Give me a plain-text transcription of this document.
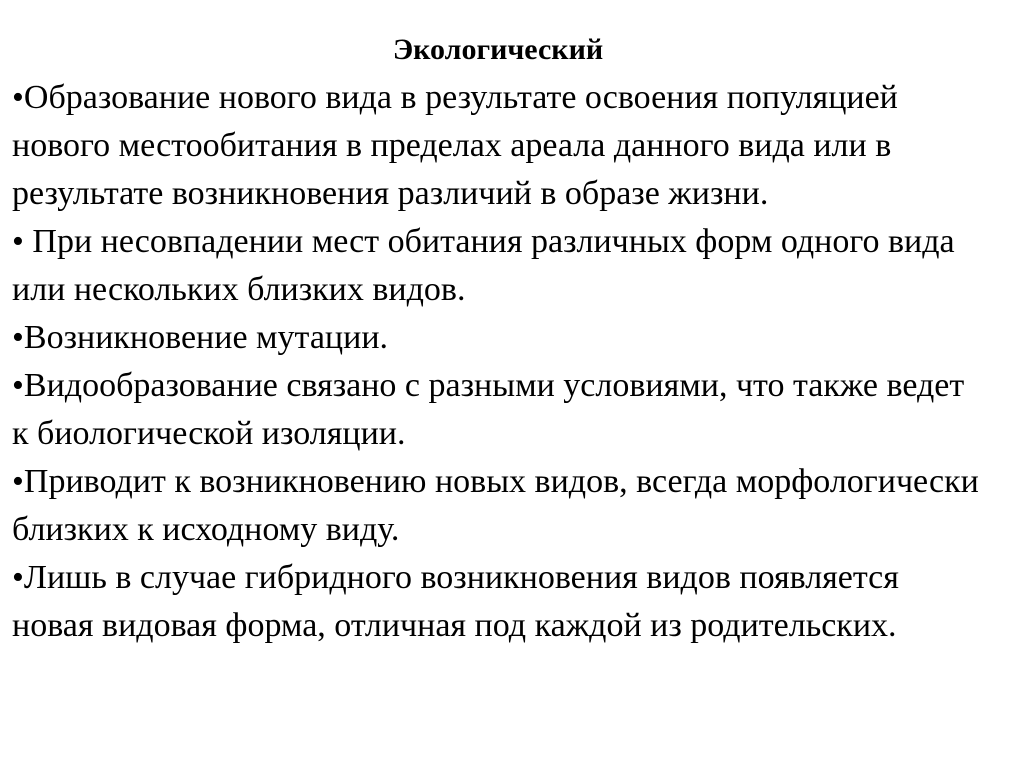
Экологический
•Образование нового вида в результате освоения популяцией нового местообитания в пределах ареала данного вида или в результате возникновения различий в образе жизни.
• При несовпадении мест обитания различных форм одного вида или нескольких близких видов.
•Возникновение мутации.
•Видообразование связано с разными условиями, что также ведет к биологической изоляции.
•Приводит к возникновению новых видов, всегда морфологически близких к исходному виду.
•Лишь в случае гибридного возникновения видов появляется новая видовая форма, отличная под каждой из родительских.
